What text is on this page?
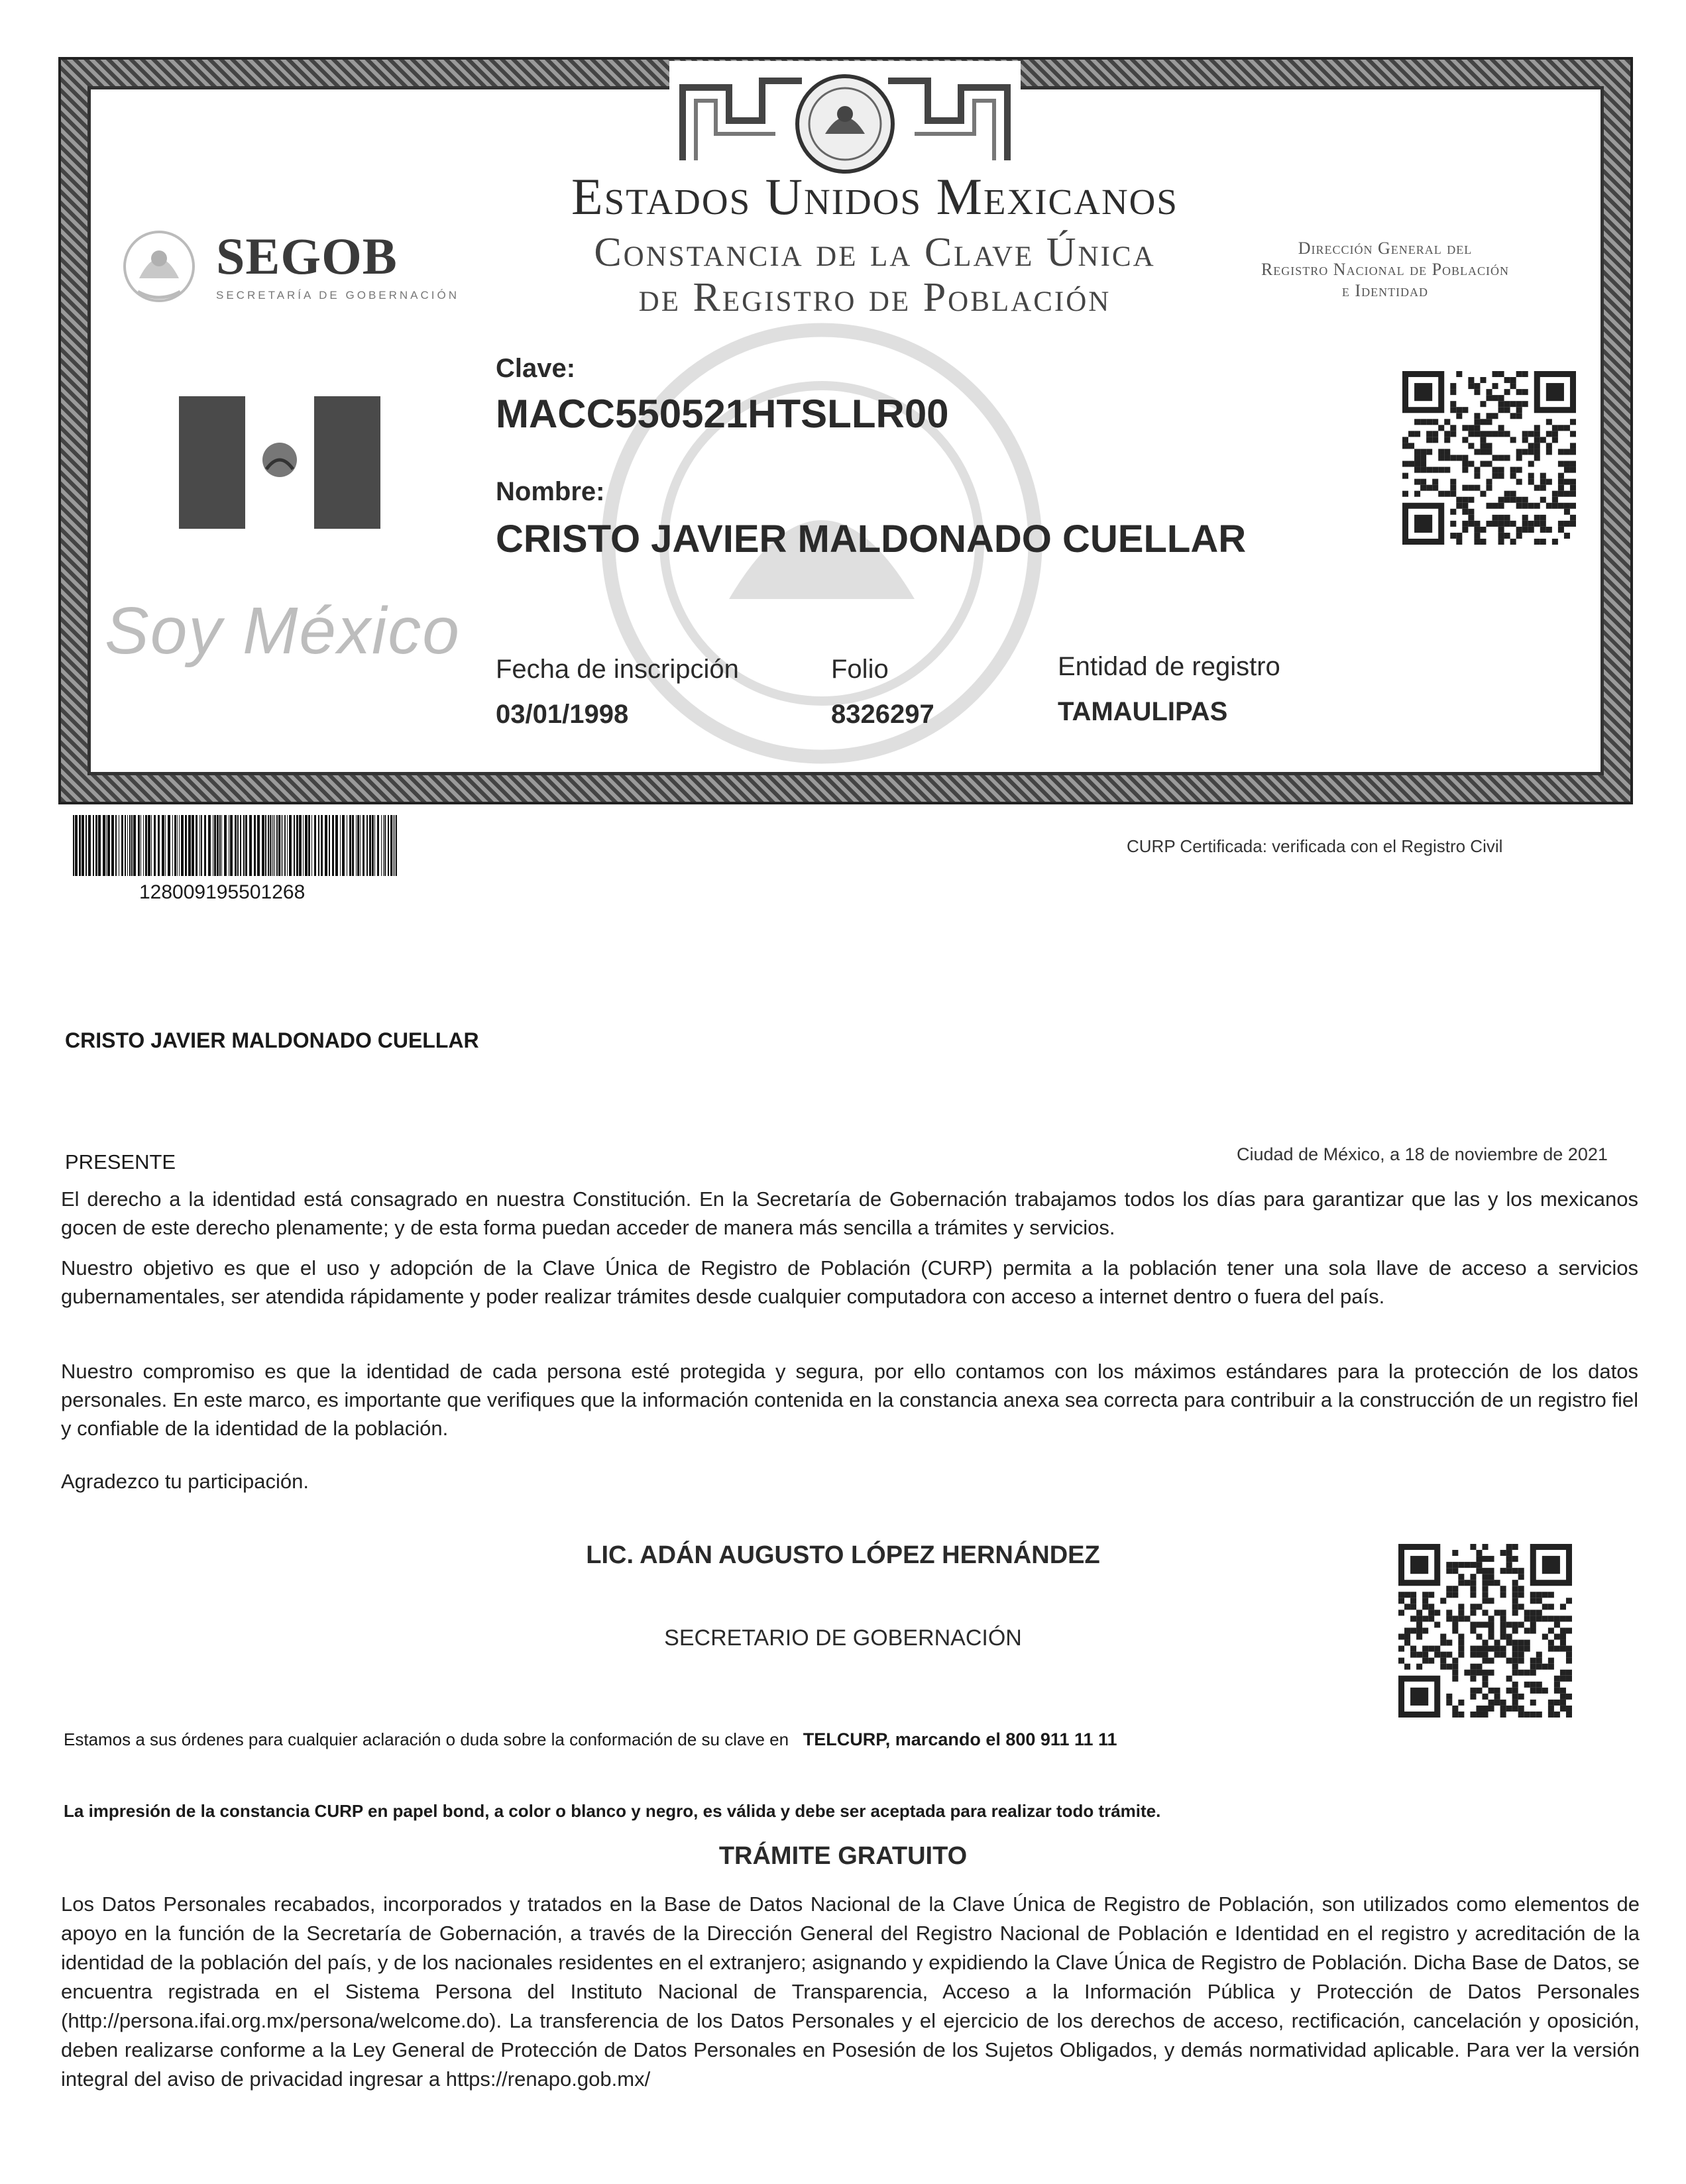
Estados Unidos Mexicanos
Constancia de la Clave Única
de Registro de Población
SEGOB
SECRETARÍA DE GOBERNACIÓN
Dirección General del
Registro Nacional de Población
e Identidad
Soy México
Clave:
MACC550521HTSLLR00
Nombre:
CRISTO JAVIER MALDONADO CUELLAR
Fecha de inscripción
03/01/1998
Folio
8326297
Entidad de registro
TAMAULIPAS
128009195501268
CURP Certificada: verificada con el Registro Civil
CRISTO JAVIER MALDONADO CUELLAR
PRESENTE	Ciudad de México, a 18 de noviembre de 2021
El derecho a la identidad está consagrado en nuestra Constitución. En la Secretaría de Gobernación trabajamos todos los días para garantizar que las y los mexicanos gocen de este derecho plenamente; y de esta forma puedan acceder de manera más sencilla a trámites y servicios.
Nuestro objetivo es que el uso y adopción de la Clave Única de Registro de Población (CURP) permita a la población tener una sola llave de acceso a servicios gubernamentales, ser atendida rápidamente y poder realizar trámites desde cualquier computadora con acceso a internet dentro o fuera del país.
Nuestro compromiso es que la identidad de cada persona esté protegida y segura, por ello contamos con los máximos estándares para la protección de los datos personales. En este marco, es importante que verifiques que la información contenida en la constancia anexa sea correcta para contribuir a la construcción de un registro fiel y confiable de la identidad de la población.
Agradezco tu participación.
LIC. ADÁN AUGUSTO LÓPEZ HERNÁNDEZ
SECRETARIO DE GOBERNACIÓN
Estamos a sus órdenes para cualquier aclaración o duda sobre la conformación de su clave en TELCURP, marcando el 800 911 11 11
La impresión de la constancia CURP en papel bond, a color o blanco y negro, es válida y debe ser aceptada para realizar todo trámite.
TRÁMITE GRATUITO
Los Datos Personales recabados, incorporados y tratados en la Base de Datos Nacional de la Clave Única de Registro de Población, son utilizados como elementos de apoyo en la función de la Secretaría de Gobernación, a través de la Dirección General del Registro Nacional de Población e Identidad en el registro y acreditación de la identidad de la población del país, y de los nacionales residentes en el extranjero; asignando y expidiendo la Clave Única de Registro de Población. Dicha Base de Datos, se encuentra registrada en el Sistema Persona del Instituto Nacional de Transparencia, Acceso a la Información Pública y Protección de Datos Personales (http://persona.ifai.org.mx/persona/welcome.do). La transferencia de los Datos Personales y el ejercicio de los derechos de acceso, rectificación, cancelación y oposición, deben realizarse conforme a la Ley General de Protección de Datos Personales en Posesión de los Sujetos Obligados, y demás normatividad aplicable. Para ver la versión integral del aviso de privacidad ingresar a https://renapo.gob.mx/
